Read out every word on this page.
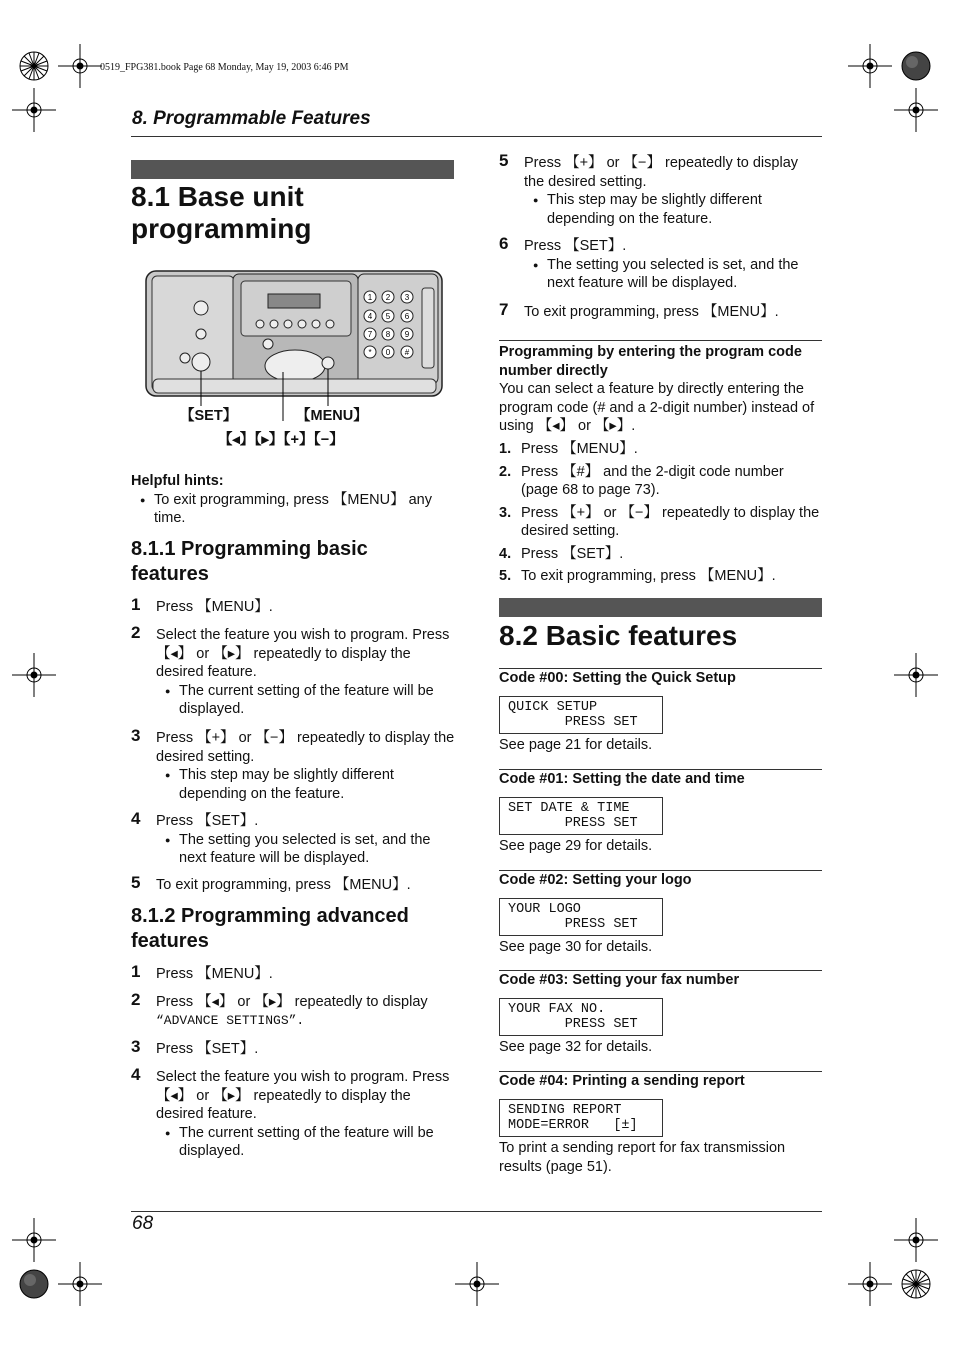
0519_FPG381.book Page 68 Monday, May 19, 2003 6:46 PM
8. Programmable Features
8.1 Base unit
programming
1 2 3
4 5 6
7 8 9
* 0 #
【SET】	【MENU】
【◂】【▸】【+】【−】
Helpful hints:
● To exit programming, press 【MENU】 any time.
8.1.1 Programming basic
features
1 Press 【MENU】.
2 Select the feature you wish to program. Press 【◂】 or 【▸】 repeatedly to display the desired feature.
● The current setting of the feature will be displayed.
3 Press 【+】 or 【−】 repeatedly to display the desired setting.
● This step may be slightly different depending on the feature.
4 Press 【SET】.
● The setting you selected is set, and the next feature will be displayed.
5 To exit programming, press 【MENU】.
8.1.2 Programming advanced
features
1 Press 【MENU】.
2 Press 【◂】 or 【▸】 repeatedly to display
“ADVANCE SETTINGS”.
3 Press 【SET】.
4 Select the feature you wish to program. Press 【◂】 or 【▸】 repeatedly to display the desired feature.
● The current setting of the feature will be displayed.
5 Press 【+】 or 【−】 repeatedly to display the desired setting.
● This step may be slightly different depending on the feature.
6 Press 【SET】.
● The setting you selected is set, and the next feature will be displayed.
7 To exit programming, press 【MENU】.
Programming by entering the program code number directly
You can select a feature by directly entering the program code (# and a 2-digit number) instead of using 【◂】 or 【▸】.
1. Press 【MENU】.
2. Press 【#】 and the 2-digit code number (page 68 to page 73).
3. Press 【+】 or 【−】 repeatedly to display the desired setting.
4. Press 【SET】.
5. To exit programming, press 【MENU】.
8.2 Basic features
Code #00: Setting the Quick Setup
QUICK SETUP
PRESS SET
See page 21 for details.
Code #01: Setting the date and time
SET DATE & TIME
PRESS SET
See page 29 for details.
Code #02: Setting your logo
YOUR LOGO
PRESS SET
See page 30 for details.
Code #03: Setting your fax number
YOUR FAX NO.
PRESS SET
See page 32 for details.
Code #04: Printing a sending report
SENDING REPORT
MODE=ERROR   [±]
To print a sending report for fax transmission results (page 51).
68
